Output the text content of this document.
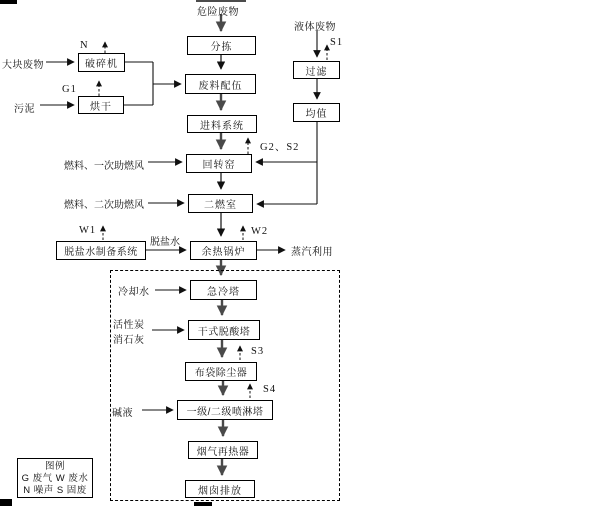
破碎机
烘干
分拣
废料配伍
进料系统
回转窑
二燃室
过滤
均值
脱盐水制备系统	余热锅炉
急冷塔
干式脱酸塔
布袋除尘器
一级/二级喷淋塔
烟气再热器
烟囱排放
危险废物
液体废物
大块废物
污泥
燃料、一次助燃风
燃料、二次助燃风
脱盐水
蒸汽利用
冷却水
活性炭
消石灰
碱液
N
G1
S1
G2、S2
W1	W2
S3
S4
图例
G 废气 W 废水
N 噪声 S 固废
